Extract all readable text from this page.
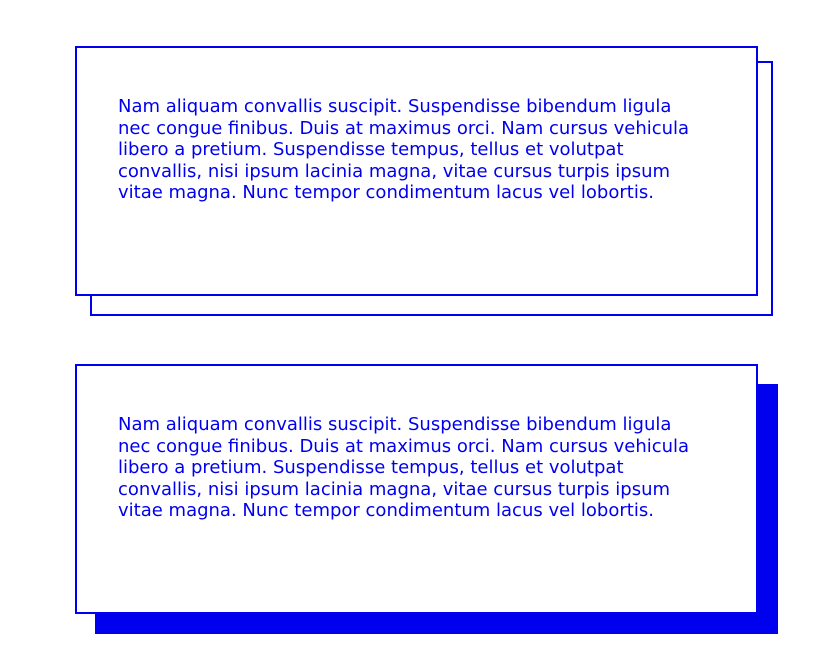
Nam aliquam convallis suscipit. Suspendisse bibendum ligula nec congue finibus. Duis at maximus orci. Nam cursus vehicula libero a pretium. Suspendisse tempus, tellus et volutpat convallis, nisi ipsum lacinia magna, vitae cursus turpis ipsum vitae magna. Nunc tempor condimentum lacus vel lobortis.

Nam aliquam convallis suscipit. Suspendisse bibendum ligula nec congue finibus. Duis at maximus orci. Nam cursus vehicula libero a pretium. Suspendisse tempus, tellus et volutpat convallis, nisi ipsum lacinia magna, vitae cursus turpis ipsum vitae magna. Nunc tempor condimentum lacus vel lobortis.
